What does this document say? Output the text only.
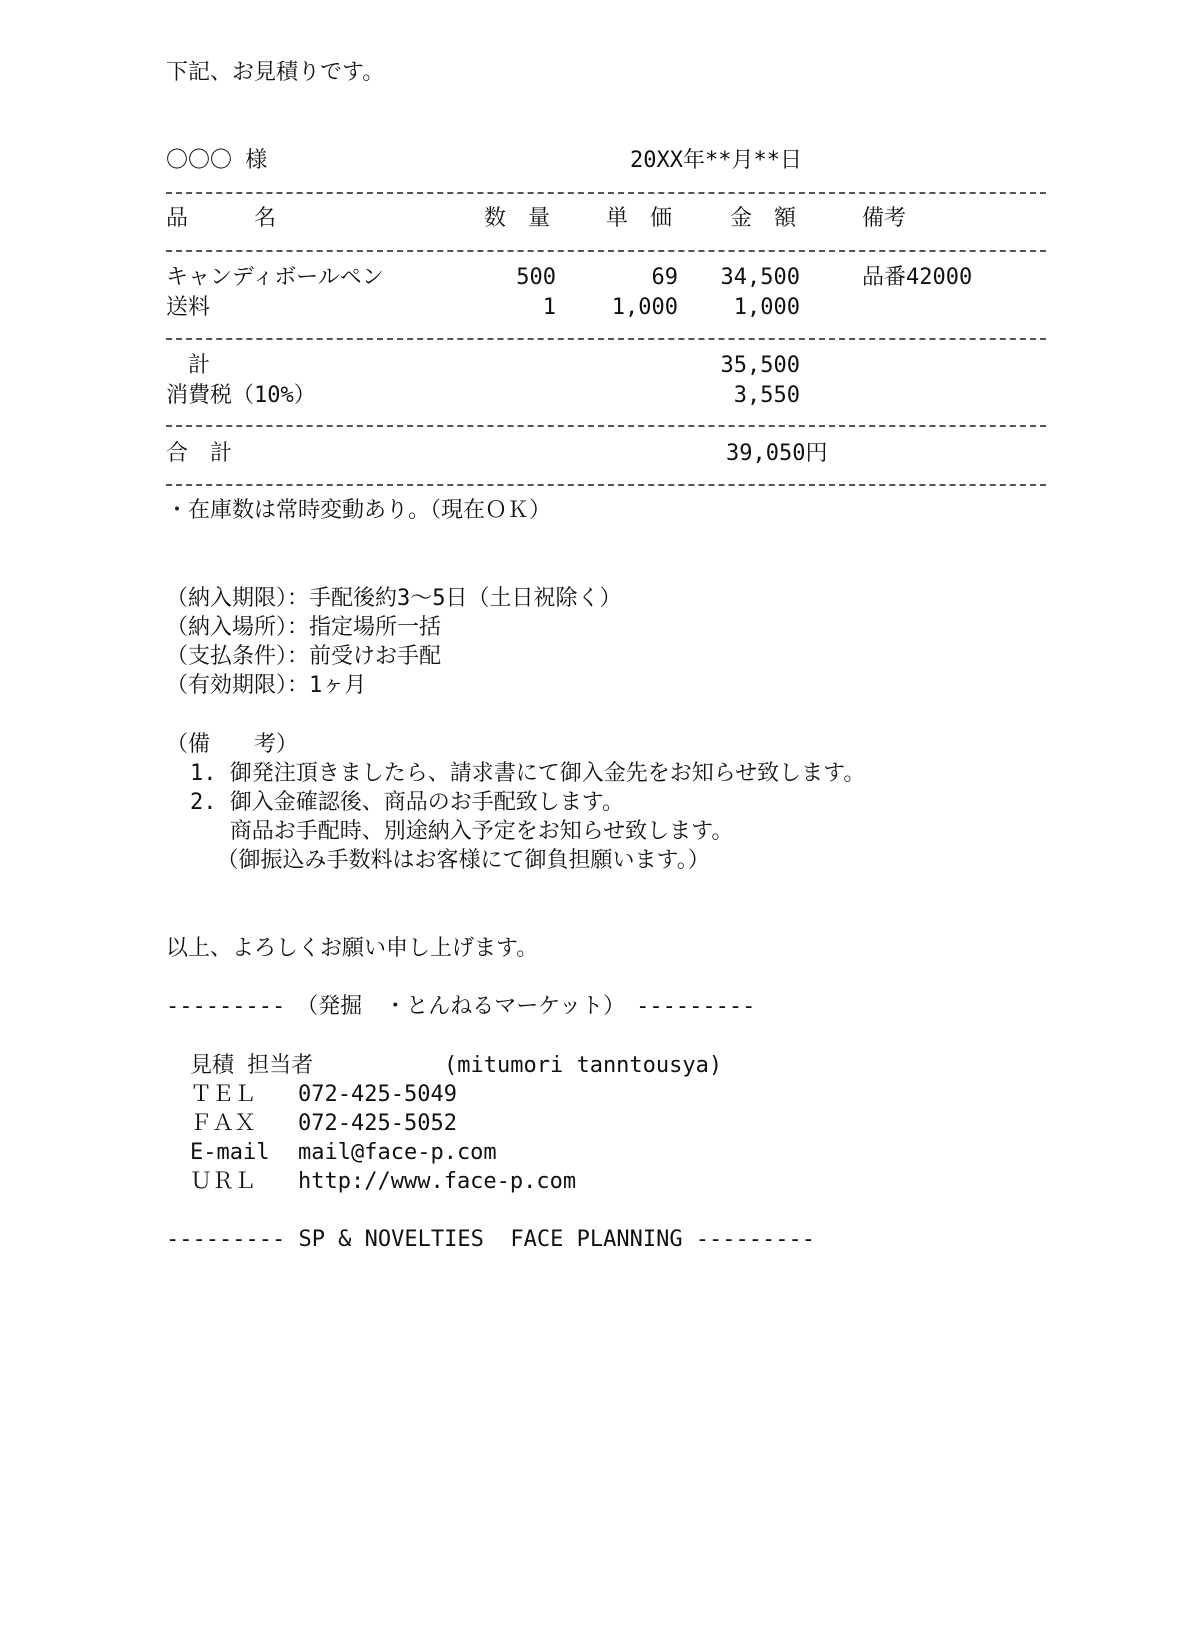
下記、お見積りです。
〇〇〇 様	20XX年**月**日
品　　　名	数　量	単　価	金　額	備考
キャンディボールペン	500	69	34,500	品番42000
送料	1	1,000	1,000
　計	35,500
消費税（10%）	3,550
合　計	39,050円
・在庫数は常時変動あり。（現在ＯＫ）
（納入期限）：手配後約3～5日（土日祝除く）
（納入場所）：指定場所一括
（支払条件）：前受けお手配
（有効期限）：1ヶ月
（備　　考）
1. 御発注頂きましたら、請求書にて御入金先をお知らせ致します。
2. 御入金確認後、商品のお手配致します。
商品お手配時、別途納入予定をお知らせ致します。
（御振込み手数料はお客様にて御負担願います。）
以上、よろしくお願い申し上げます。
---------　（発掘　・とんねるマーケット）　---------
見積 担当者	(mitumori tanntousya)
ＴＥＬ 072-425-5049
ＦＡＸ 072-425-5052
E-mail mail@face-p.com
ＵＲＬ http://www.face-p.com
--------- SP & NOVELTIES  FACE PLANNING ---------
